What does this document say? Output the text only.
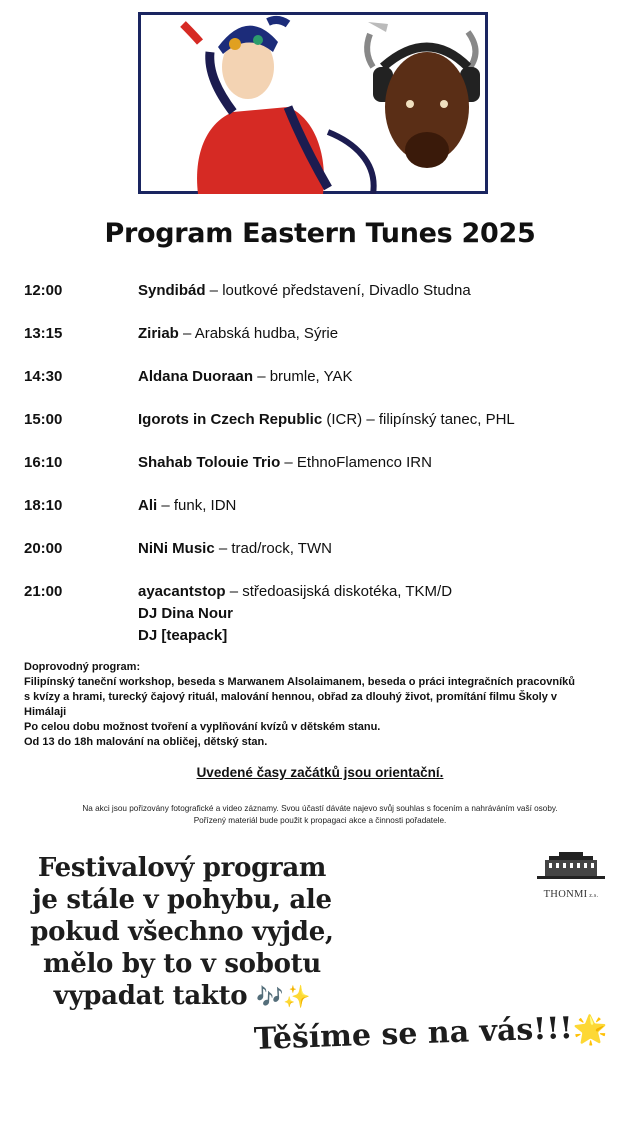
Program Eastern Tunes 2025
12:00	Syndibád – loutkové představení, Divadlo Studna
13:15	Ziriab – Arabská hudba, Sýrie
14:30	Aldana Duoraan – brumle, YAK
15:00	Igorots in Czech Republic (ICR) – filipínský tanec, PHL
16:10	Shahab Tolouie Trio – EthnoFlamenco IRN
18:10	Ali – funk, IDN
20:00	NiNi Music – trad/rock, TWN
21:00	ayacantstop – středoasijská diskotéka, TKM/D
DJ Dina Nour
DJ [teapack]
Doprovodný program:
Filipínský taneční workshop, beseda s Marwanem Alsolaimanem, beseda o práci integračních pracovníků
s kvízy a hrami, turecký čajový rituál, malování hennou, obřad za dlouhý život, promítání filmu Školy v
Himálaji
Po celou dobu možnost tvoření a vyplňování kvízů v dětském stanu.
Od 13 do 18h malování na obličej, dětský stan.
Uvedené časy začátků jsou orientační.
Na akci jsou pořizovány fotografické a video záznamy. Svou účastí dáváte najevo svůj souhlas s focením a nahráváním vaší osoby.
Pořízený materiál bude použit k propagaci akce a činnosti pořadatele.
THONMI z.s.
Festivalový program
je stále v pohybu, ale
pokud všechno vyjde,
mělo by to v sobotu
vypadat takto 🎶✨
Těšíme se na vás!!!🌟
